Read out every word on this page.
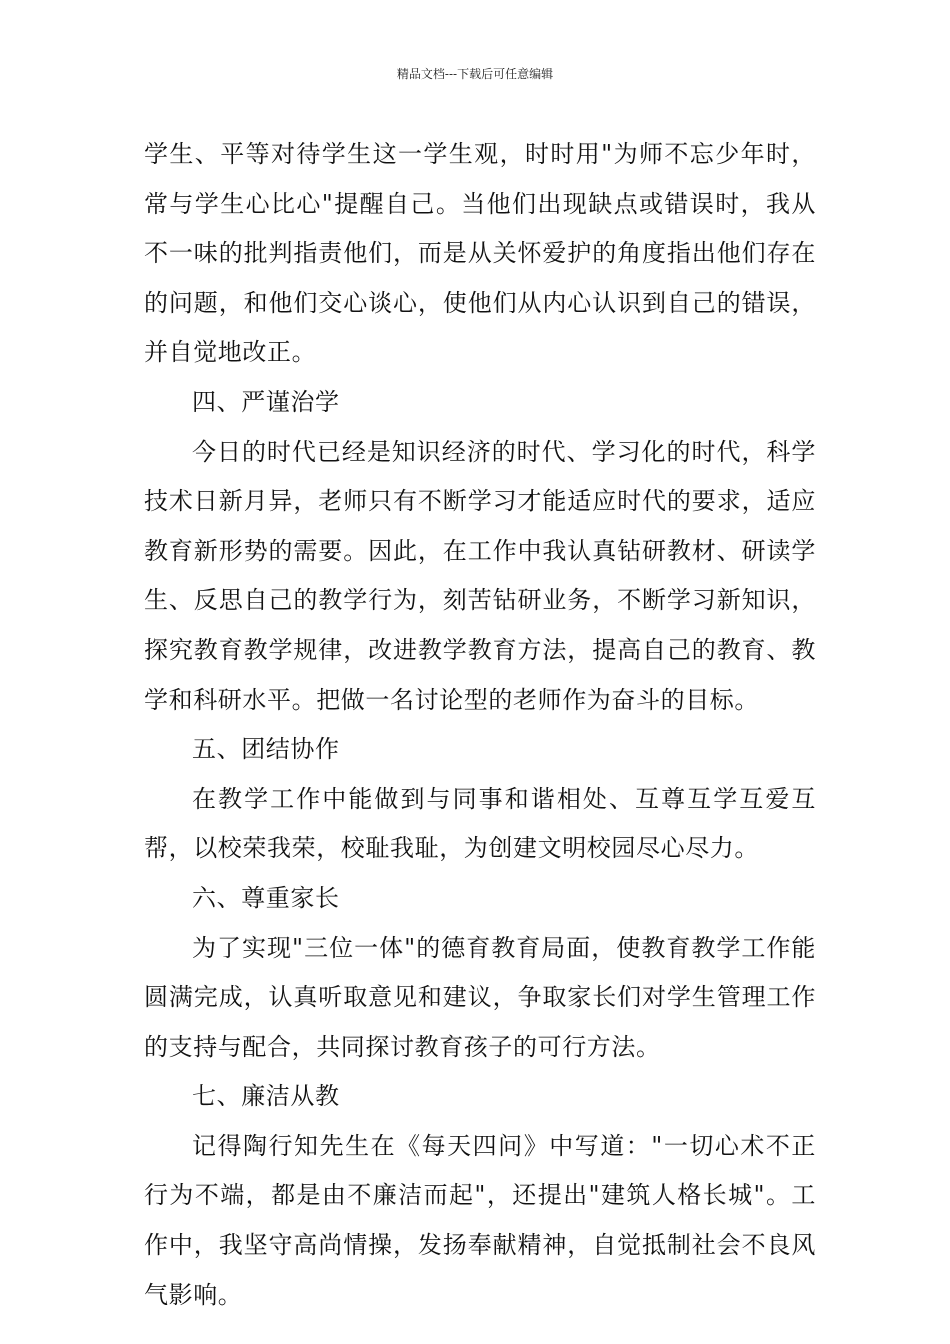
精品文档---下载后可任意编辑

学生、平等对待学生这一学生观，时时用"为师不忘少年时，常与学生心比心"提醒自己。当他们出现缺点或错误时，我从不一味的批判指责他们，而是从关怀爱护的角度指出他们存在的问题，和他们交心谈心，使他们从内心认识到自己的错误，并自觉地改正。

四、严谨治学

今日的时代已经是知识经济的时代、学习化的时代，科学技术日新月异，老师只有不断学习才能适应时代的要求，适应教育新形势的需要。因此，在工作中我认真钻研教材、研读学生、反思自己的教学行为，刻苦钻研业务，不断学习新知识，探究教育教学规律，改进教学教育方法，提高自己的教育、教学和科研水平。把做一名讨论型的老师作为奋斗的目标。

五、团结协作

在教学工作中能做到与同事和谐相处、互尊互学互爱互帮，以校荣我荣，校耻我耻，为创建文明校园尽心尽力。

六、尊重家长

为了实现"三位一体"的德育教育局面，使教育教学工作能圆满完成，认真听取意见和建议，争取家长们对学生管理工作的支持与配合，共同探讨教育孩子的可行方法。

七、廉洁从教

记得陶行知先生在《每天四问》中写道："一切心术不正行为不端，都是由不廉洁而起"，还提出"建筑人格长城"。工作中，我坚守高尚情操，发扬奉献精神，自觉抵制社会不良风气影响。
